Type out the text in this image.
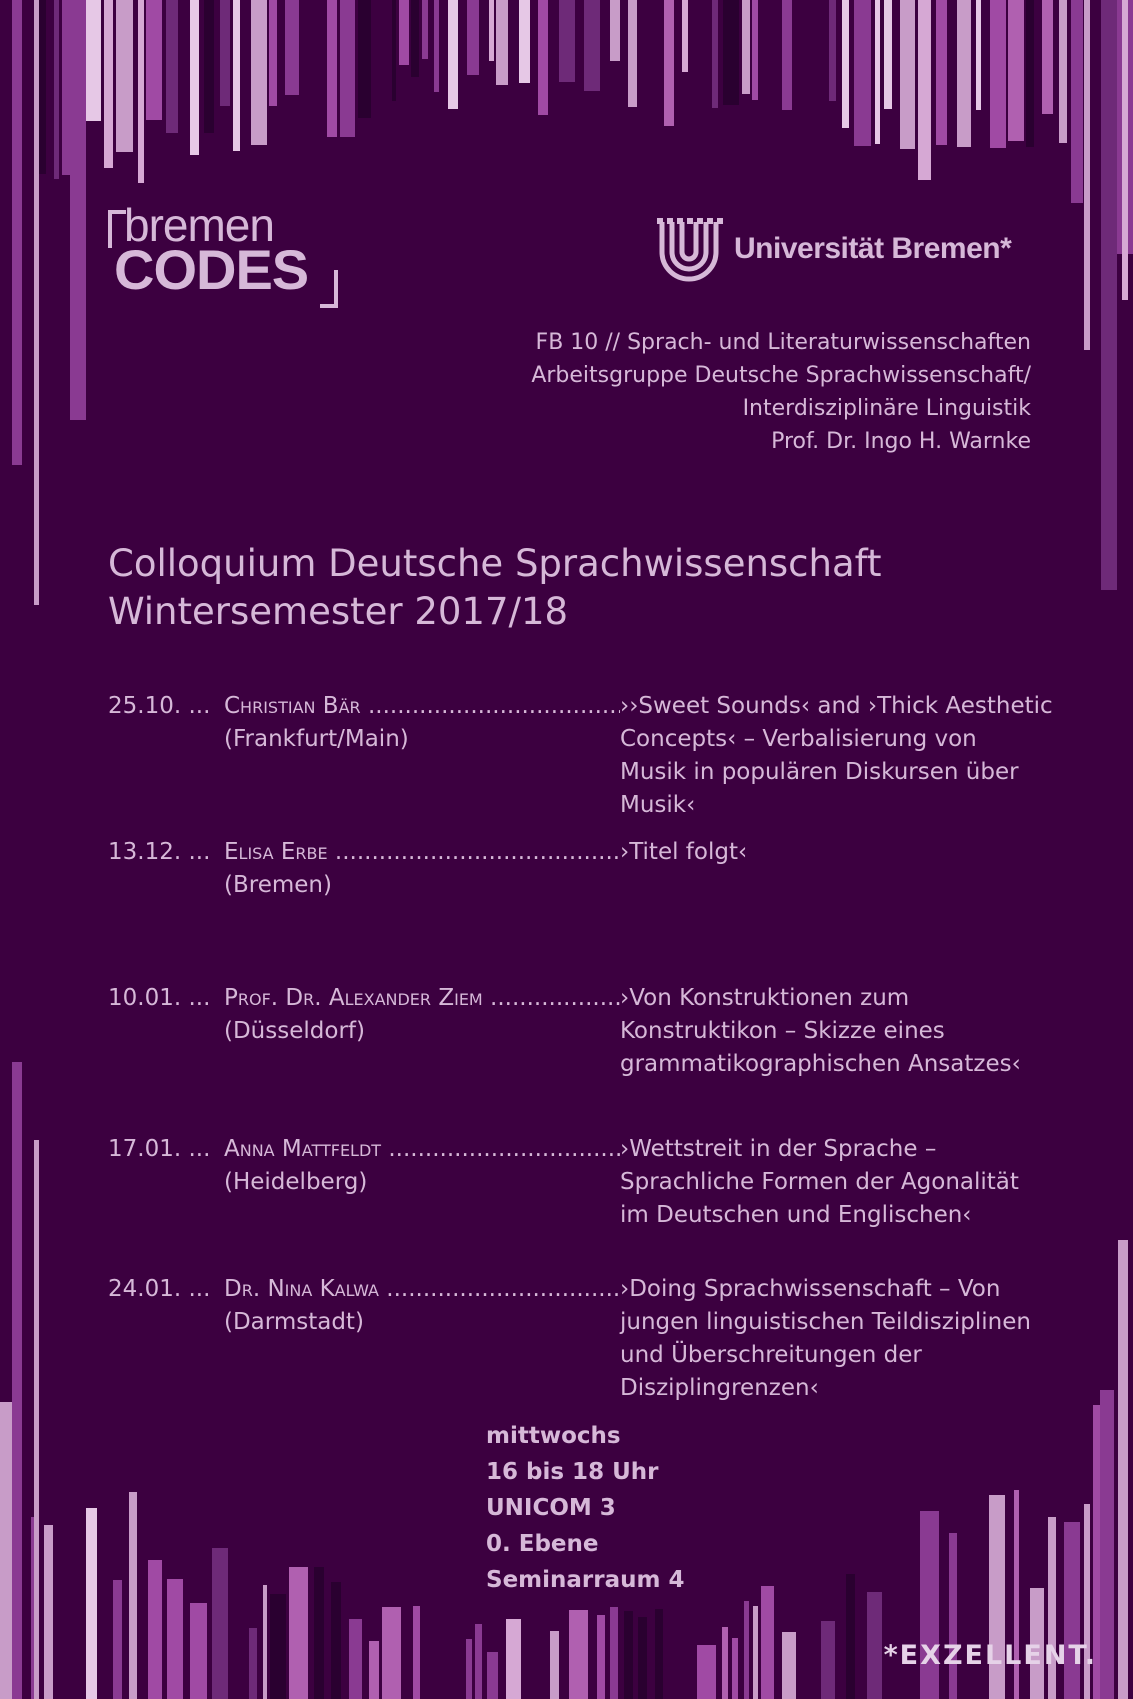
bremen
CODES	Universität Bremen*
FB 10 // Sprach- und Literaturwissenschaften
Arbeitsgruppe Deutsche Sprachwissenschaft/
Interdisziplinäre Linguistik
Prof. Dr. Ingo H. Warnke
Colloquium Deutsche Sprachwissenschaft
Wintersemester 2017/18
25.10. ... Christian Bär .....
(Frankfurt/Main)
››Sweet Sounds‹ and ›Thick Aesthetic
Concepts‹ – Verbalisierung von
Musik in populären Diskursen über
Musik‹
13.12. ... Elisa Erbe .....
(Bremen)
›Titel folgt‹
10.01. ... Prof. Dr. Alexander Ziem .....
(Düsseldorf)
›Von Konstruktionen zum
Konstruktikon – Skizze eines
grammatikographischen Ansatzes‹
17.01. ... Anna Mattfeldt .....
(Heidelberg)
›Wettstreit in der Sprache –
Sprachliche Formen der Agonalität
im Deutschen und Englischen‹
24.01. ... Dr. Nina Kalwa .....
(Darmstadt)
›Doing Sprachwissenschaft – Von
jungen linguistischen Teildisziplinen
und Überschreitungen der
Disziplingrenzen‹
mittwochs
16 bis 18 Uhr
UNICOM 3
0. Ebene
Seminarraum 4
*EXZELLENT.
